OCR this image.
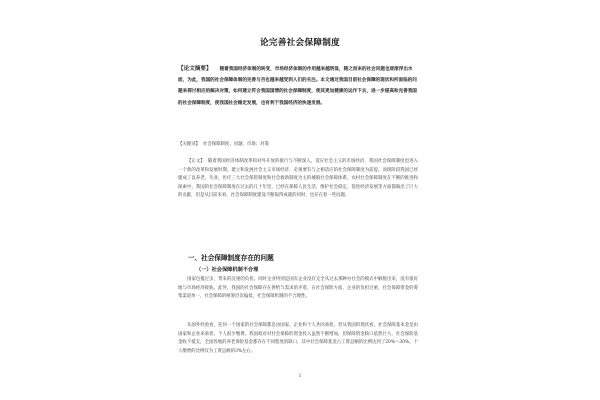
论完善社会保障制度
【论文摘要】 随着我国经济体制的转变，市场经济体制的作用越来越明显，随之而来的社会问题也逐渐浮出水面，为此，我国的社会保障体制的完善与否也越来越受到人们的关注。本文通过我国目前社会保障的现状和所面临的问题来探讨相应的解决对策，如何建立符合我国国情的社会保障制度，使其更加健康的运作下去，进一步提高和完善我国的社会保障制度，使我国社会稳定发展，也有利于我国经济的快速发展。
【关键词】 社会保障制度；问题；市场；对策

【正文】 随着我国经济体制改革和对外开放的推行与不断深入，适应社会主义的市场经济，我国社会保障制度也进入一个新的改革和发展时期。建立和发展社会主义市场经济，必须要有与之相适应的社会保障制度为前提。而现阶段我国已经建成了以养老、失业、医疗三大社会保险制度和社会救助制度为主的城镇社会保障体系，农村社会保障制度在不断的推进和探索中。我国的社会保障制度在过去的几十年里，已经在保障人民生活、维护社会稳定、促进经济发展等方面都做出了巨大的贡献，但是从目前来看，社会保障制度建设不断取得成就的同时，也存在着一些问题。

一、社会保障制度存在的问题
（一）社会保障机制不合理

国家包揽过多，带来的沉重的负担。同时企业特别是国有企业没有完全从过去那种办社会的模式中解脱出来，没有很好地与市场经济接轨。此外，我国的社会保障存在供给与需求的矛盾，在社会保险方面，企业的负担过重，社会保障资金的筹集渠道单一，社会保障的统筹层次偏低，社会保障机制的不合理性。

从国外经验看，任何一个国家的社会保障都是由国家、企业和个人共同承担，但从我国的现状看，社会保障基本金是由国家和企业来承担，个人很少缴费。我国政府对社会保障的资金投入虽然不断增加，但保障资金缺口依然巨大，社会保险基金收不抵支，全国各地的养老保险基金都存在不同程度的缺口，其中社会保障基金占工资总额的比例达到了20%～30%，个人缴费的比例仅为工资总额的3%左右。

1
